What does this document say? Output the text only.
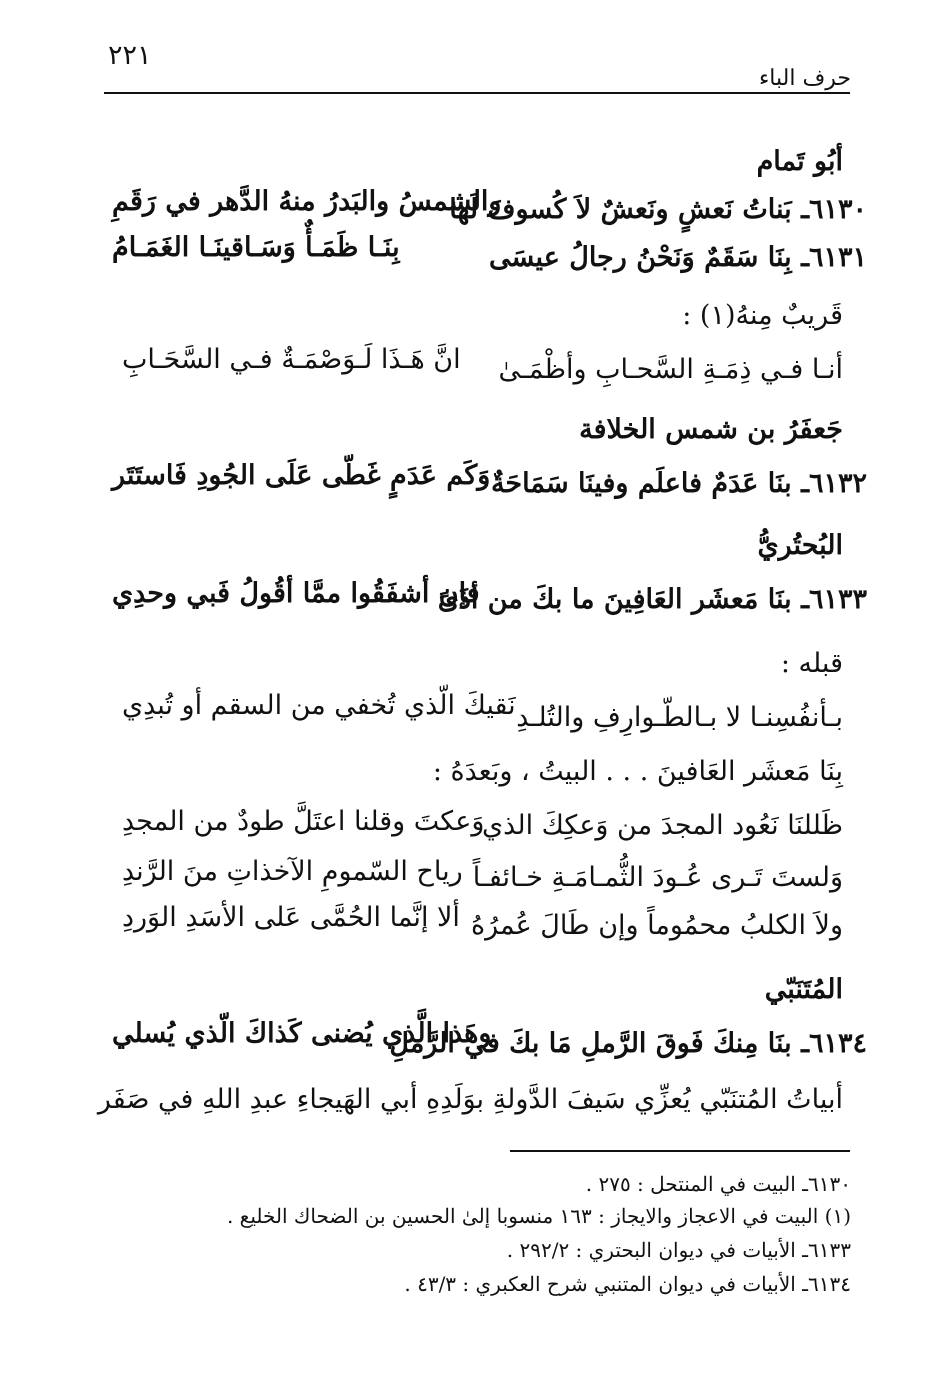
٢٢١
حرف الباء
أبُو تَمام
٦١٣٠ـ بَناتُ نَعشٍ ونَعشٌ لاَ كُسوفَ لَها
والشمسُ والبَدرُ منهُ الدَّهر في رَقَمِ
٦١٣١ـ بِنَا سَقَمٌ وَنَحْنُ رجالُ عيسَى
بِنَـا ظَمَـأٌ وَسَـاقينَـا الغَمَـامُ
قَريبٌ مِنهُ(١) :
أنـا فـي ذِمَـةِ السَّحـابِ وأظْمَـىٰ
انَّ هَـذَا لَـوَصْمَـةٌ فـي السَّحَـابِ
جَعفَرُ بن شمس الخلافة
٦١٣٢ـ بنَا عَدَمٌ فاعلَم وفينَا سَمَاحَةٌ
وَكَم عَدَمٍ غَطّى عَلَى الجُودِ فَاستَتَر
البُحتُريُّ
٦١٣٣ـ بنَا مَعشَر العَافِينَ ما بكَ من أذَىً
فإن أشفَقُوا ممَّا أقُولُ فَبي وحدِي
قبله :
بـأنفُسِنـا لا بـالطّـوارِفِ والتُلـدِ
نَقيكَ الّذي تُخفي من السقم أو تُبدِي
بِنَا مَعشَر العَافينَ . . . البيتُ ، وبَعدَهُ :
ظَللنَا نَعُود المجدَ من وَعكِكَ الذي
وَعكتَ وقلنا اعتَلَّ طودٌ من المجدِ
وَلستَ تَـرى عُـودَ الثُّمـامَـةِ خـائفـاً
رياح السّمومِ الآخذاتِ منَ الرَّندِ
ولاَ الكلبُ محمُوماً وإن طَالَ عُمرُهُ
ألا إنَّما الحُمَّى عَلى الأسَدِ الوَردِ
المُتَنَبّي
٦١٣٤ـ بنَا مِنكَ فَوقَ الرَّملِ مَا بكَ في الرَّملِ
وهَذا الَّذي يُضنى كَذاكَ الّذي يُسلي
أبياتُ المُتنَبّي يُعزِّي سَيفَ الدَّولةِ بوَلَدِهِ أبي الهَيجاءِ عبدِ اللهِ في صَفَر
٦١٣٠ـ البيت في المنتحل : ٢٧٥ .
(١) البيت في الاعجاز والايجاز : ١٦٣ منسوبا إلىٰ الحسين بن الضحاك الخليع .
٦١٣٣ـ الأبيات في ديوان البحتري : ٢٩٢/٢ .
٦١٣٤ـ الأبيات في ديوان المتنبي شرح العكبري : ٤٣/٣ .
